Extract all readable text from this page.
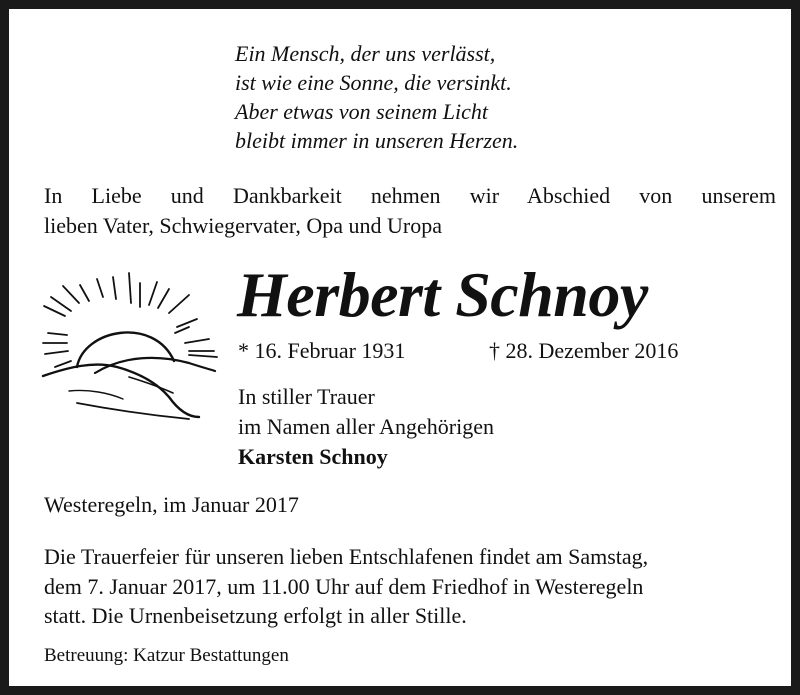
Ein Mensch, der uns verlässt,
ist wie eine Sonne, die versinkt.
Aber etwas von seinem Licht
bleibt immer in unseren Herzen.
In Liebe und Dankbarkeit nehmen wir Abschied von unserem
lieben Vater, Schwiegervater, Opa und Uropa
Herbert Schnoy
* 16. Februar 1931	† 28. Dezember 2016
In stiller Trauer
im Namen aller Angehörigen
Karsten Schnoy
Westeregeln, im Januar 2017
Die Trauerfeier für unseren lieben Entschlafenen findet am Samstag,
dem 7. Januar 2017, um 11.00 Uhr auf dem Friedhof in Westeregeln
statt. Die Urnenbeisetzung erfolgt in aller Stille.
Betreuung: Katzur Bestattungen
